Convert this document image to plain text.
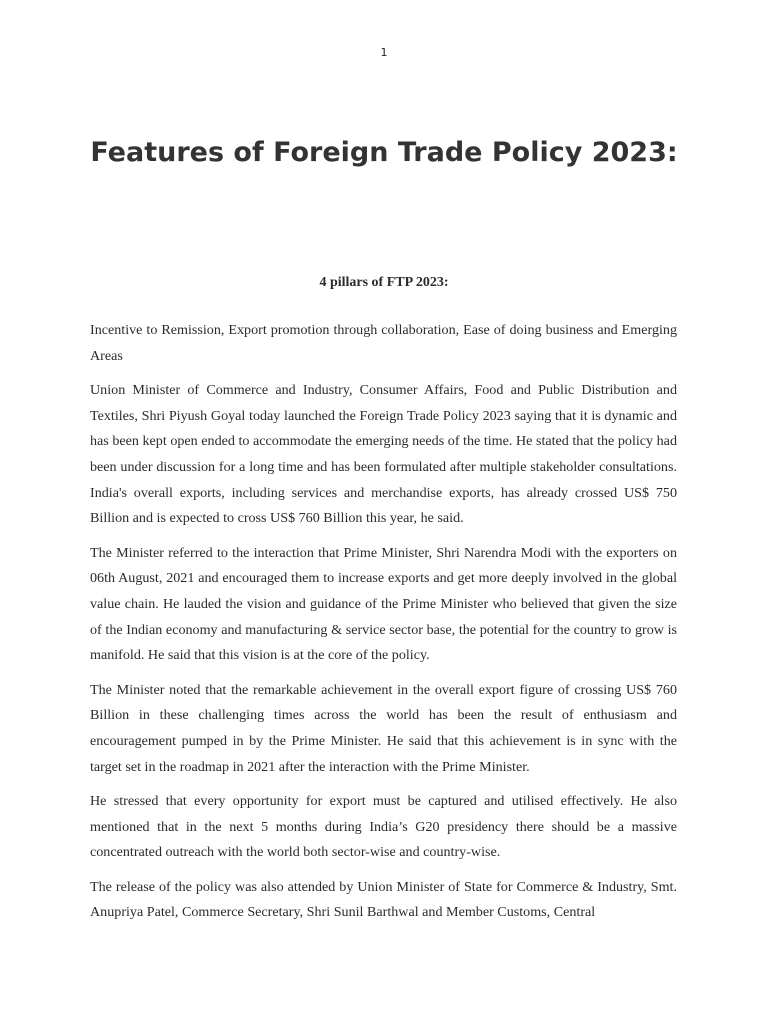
1
Features of Foreign Trade Policy 2023:
4 pillars of FTP 2023:

Incentive to Remission, Export promotion through collaboration, Ease of doing business and Emerging Areas

Union Minister of Commerce and Industry, Consumer Affairs, Food and Public Distribution and Textiles, Shri Piyush Goyal today launched the Foreign Trade Policy 2023 saying that it is dynamic and has been kept open ended to accommodate the emerging needs of the time. He stated that the policy had been under discussion for a long time and has been formulated after multiple stakeholder consultations. India's overall exports, including services and merchandise exports, has already crossed US$ 750 Billion and is expected to cross US$ 760 Billion this year, he said.

The Minister referred to the interaction that Prime Minister, Shri Narendra Modi with the exporters on 06th August, 2021 and encouraged them to increase exports and get more deeply involved in the global value chain. He lauded the vision and guidance of the Prime Minister who believed that given the size of the Indian economy and manufacturing & service sector base, the potential for the country to grow is manifold. He said that this vision is at the core of the policy.

The Minister noted that the remarkable achievement in the overall export figure of crossing US$ 760 Billion in these challenging times across the world has been the result of enthusiasm and encouragement pumped in by the Prime Minister. He said that this achievement is in sync with the target set in the roadmap in 2021 after the interaction with the Prime Minister.

He stressed that every opportunity for export must be captured and utilised effectively. He also mentioned that in the next 5 months during India’s G20 presidency there should be a massive concentrated outreach with the world both sector-wise and country-wise.

The release of the policy was also attended by Union Minister of State for Commerce & Industry, Smt. Anupriya Patel, Commerce Secretary, Shri Sunil Barthwal and Member Customs, Central
